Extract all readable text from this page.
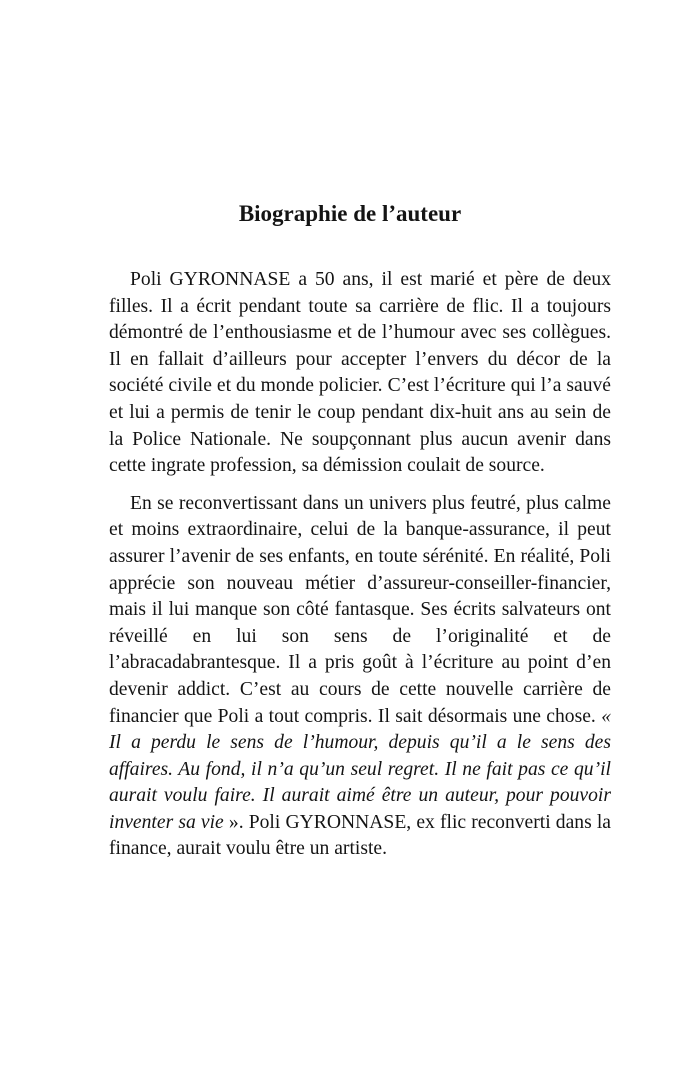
Biographie de l’auteur

Poli GYRONNASE a 50 ans, il est marié et père de deux filles. Il a écrit pendant toute sa carrière de flic. Il a toujours démontré de l’enthousiasme et de l’humour avec ses collègues. Il en fallait d’ailleurs pour accepter l’envers du décor de la société civile et du monde policier. C’est l’écriture qui l’a sauvé et lui a permis de tenir le coup pendant dix-huit ans au sein de la Police Nationale. Ne soupçonnant plus aucun avenir dans cette ingrate profession, sa démission coulait de source.

En se reconvertissant dans un univers plus feutré, plus calme et moins extraordinaire, celui de la banque-assurance, il peut assurer l’avenir de ses enfants, en toute sérénité. En réalité, Poli apprécie son nouveau métier d’assureur-conseiller-financier, mais il lui manque son côté fantasque. Ses écrits salvateurs ont réveillé en lui son sens de l’originalité et de l’abracadabrantesque. Il a pris goût à l’écriture au point d’en devenir addict. C’est au cours de cette nouvelle carrière de financier que Poli a tout compris. Il sait désormais une chose. « Il a perdu le sens de l’humour, depuis qu’il a le sens des affaires. Au fond, il n’a qu’un seul regret. Il ne fait pas ce qu’il aurait voulu faire. Il aurait aimé être un auteur, pour pouvoir inventer sa vie ». Poli GYRONNASE, ex flic reconverti dans la finance, aurait voulu être un artiste.
